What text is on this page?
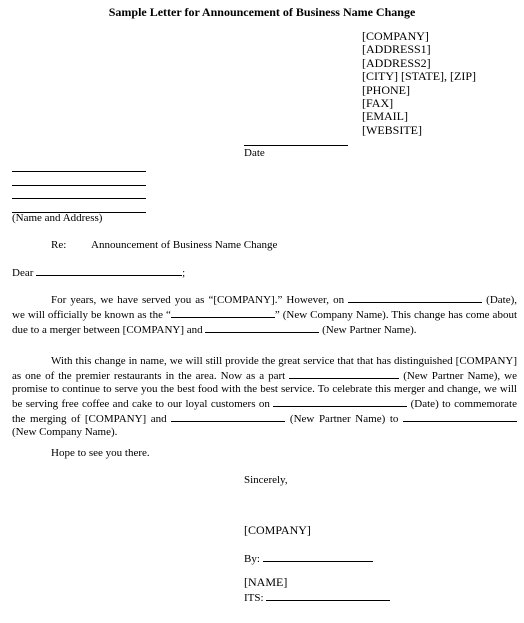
Sample Letter for Announcement of Business Name Change
[COMPANY]
[ADDRESS1]
[ADDRESS2]
[CITY] [STATE], [ZIP]
[PHONE]
[FAX]
[EMAIL]
[WEBSITE]
Date
(Name and Address)
Re: Announcement of Business Name Change
Dear	;
For years, we have served you as “[COMPANY].” However, on	(Date), we will officially be known as the “	” (New Company Name). This change has come about due to a merger between [COMPANY] and	(New Partner Name).
With this change in name, we will still provide the great service that that has distinguished [COMPANY] as one of the premier restaurants in the area. Now as a part	(New Partner Name), we promise to continue to serve you the best food with the best service. To celebrate this merger and change, we will be serving free coffee and cake to our loyal customers on	(Date) to commemorate the merging of [COMPANY] and	(New Partner Name) to (New Company Name).
Hope to see you there.
Sincerely,
[COMPANY]
By:
[NAME]
ITS:
